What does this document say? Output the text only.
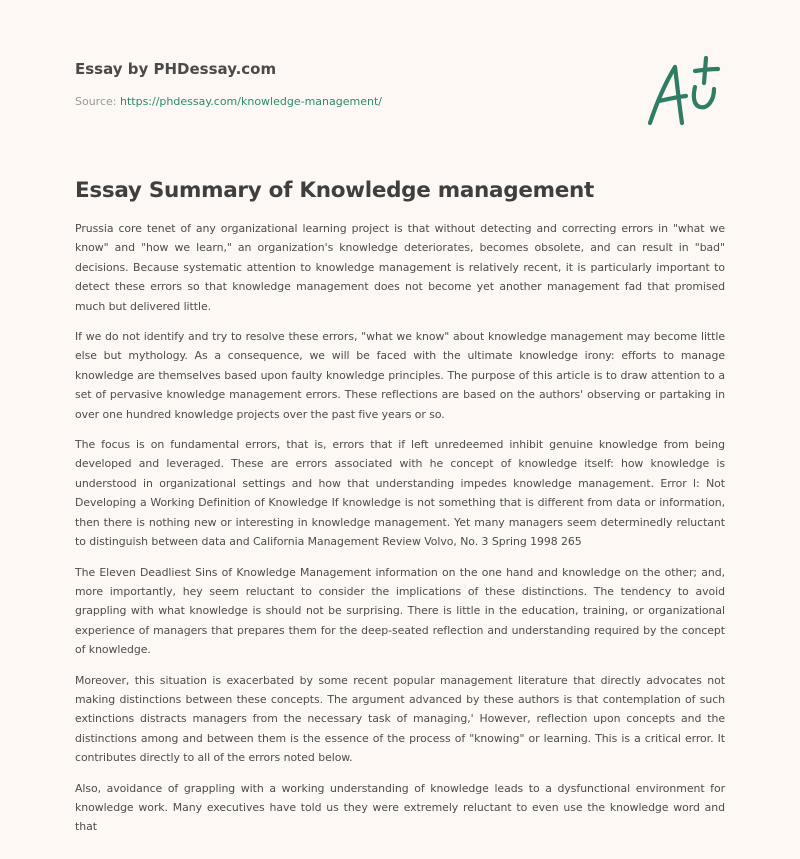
Essay by PHDessay.com
Source: https://phdessay.com/knowledge-management/
Essay Summary of Knowledge management

Prussia core tenet of any organizational learning project is that without detecting and correcting errors in "what we know" and "how we learn," an organization's knowledge deteriorates, becomes obsolete, and can result in "bad" decisions. Because systematic attention to knowledge management is relatively recent, it is particularly important to detect these errors so that knowledge management does not become yet another management fad that promised much but delivered little.

If we do not identify and try to resolve these errors, "what we know" about knowledge management may become little else but mythology. As a consequence, we will be faced with the ultimate knowledge irony: efforts to manage knowledge are themselves based upon faulty knowledge principles. The purpose of this article is to draw attention to a set of pervasive knowledge management errors. These reflections are based on the authors' observing or partaking in over one hundred knowledge projects over the past five years or so.

The focus is on fundamental errors, that is, errors that if left unredeemed inhibit genuine knowledge from being developed and leveraged. These are errors associated with he concept of knowledge itself: how knowledge is understood in organizational settings and how that understanding impedes knowledge management. Error l: Not Developing a Working Definition of Knowledge If knowledge is not something that is different from data or information, then there is nothing new or interesting in knowledge management. Yet many managers seem determinedly reluctant to distinguish between data and California Management Review Volvo, No. 3 Spring 1998 265

The Eleven Deadliest Sins of Knowledge Management information on the one hand and knowledge on the other; and, more importantly, hey seem reluctant to consider the implications of these distinctions. The tendency to avoid grappling with what knowledge is should not be surprising. There is little in the education, training, or organizational experience of managers that prepares them for the deep-seated reflection and understanding required by the concept of knowledge.

Moreover, this situation is exacerbated by some recent popular management literature that directly advocates not making distinctions between these concepts. The argument advanced by these authors is that contemplation of such extinctions distracts managers from the necessary task of managing,' However, reflection upon concepts and the distinctions among and between them is the essence of the process of "knowing" or learning. This is a critical error. It contributes directly to all of the errors noted below.

Also, avoidance of grappling with a working understanding of knowledge leads to a dysfunctional environment for knowledge work. Many executives have told us they were extremely reluctant to even use the knowledge word and that
